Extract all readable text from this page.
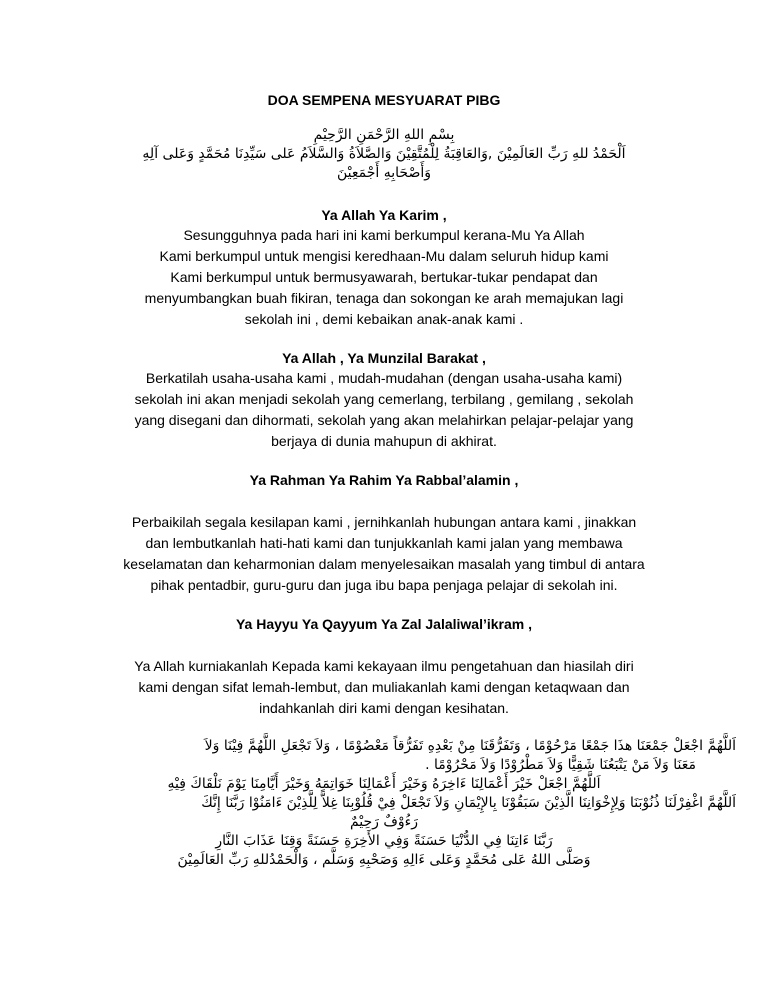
DOA SEMPENA MESYUARAT PIBG

بِسْمِ اللهِ الرَّحْمَنِ الرَّحِيْمِ

اَلْحَمْدُ للهِ رَبِّ العَالَمِيْنَ ,وَالعَاقِبَةُ لِلْمُتَّقِيْنَ وَالصَّلاَةُ وَالسَّلاَمُ عَلى سَيِّدِنَا مُحَمَّدٍ وَعَلى آلِهِ

وَأَصْحَابِهِ أَجْمَعِيْنَ

Ya Allah Ya Karim ,

Sesungguhnya pada hari ini kami berkumpul kerana-Mu Ya Allah

Kami berkumpul untuk mengisi keredhaan-Mu dalam seluruh hidup kami

Kami berkumpul untuk bermusyawarah, bertukar-tukar pendapat dan

menyumbangkan buah fikiran, tenaga dan sokongan ke arah memajukan lagi

sekolah ini , demi kebaikan anak-anak kami .

Ya Allah , Ya Munzilal Barakat ,

Berkatilah usaha-usaha kami , mudah-mudahan (dengan usaha-usaha kami)

sekolah ini akan menjadi sekolah yang cemerlang, terbilang , gemilang , sekolah

yang disegani dan dihormati, sekolah yang akan melahirkan pelajar-pelajar yang

berjaya di dunia mahupun di akhirat.

Ya Rahman Ya Rahim Ya Rabbal’alamin ,

Perbaikilah segala kesilapan kami , jernihkanlah hubungan antara kami , jinakkan

dan lembutkanlah hati-hati kami dan tunjukkanlah kami jalan yang membawa

keselamatan dan keharmonian dalam menyelesaikan masalah yang timbul di antara

pihak pentadbir, guru-guru dan juga ibu bapa penjaga pelajar di sekolah ini.

Ya Hayyu Ya Qayyum Ya Zal Jalaliwal’ikram ,

Ya Allah kurniakanlah Kepada kami kekayaan ilmu pengetahuan dan hiasilah diri

kami dengan sifat lemah-lembut, dan muliakanlah kami dengan ketaqwaan dan

indahkanlah diri kami dengan kesihatan.

اَللَّهُمَّ اجْعَلْ جَمْعَنَا هذَا جَمْعًا مَرْحُوْمًا ، وَتَفَرُّقَنَا مِنْ بَعْدِهِ تَفَرُّقاً مَعْصُوْمًا ، وَلاَ تَجْعَلِ اللَّهُمَّ فِيْنَا وَلاَ

مَعَنَا وَلاَ مَنْ يَتْبَعُنَا شَقِيًّا وَلاَ مَطْرُوْدًا وَلاَ مَحْرُوْمًا .

اَللَّهُمَّ اجْعَلْ خَيْرَ أَعْمَالِنَا ءَاخِرَهُ وَخَيْرَ أَعْمَالِنَا خَوَاتِمَهُ وَخَيْرَ أَيَّامِنَا يَوْمَ نَلْقَاكَ فِيْهِ

اَللَّهُمَّ اغْفِرْلَنَا ذُنُوْبَنَا وَلِإِخْوَانِنَا الَّذِيْنَ سَبَقُوْنَا بِالإِيْمَانِ وَلاَ تَجْعَلْ فِيْ قُلُوْبِنَا غِلاًّ لِلَّذِيْنَ ءَامَنُوْا رَبَّنَا إِنَّكَ

رَءُوْفٌ رَحِيْمٌ

رَبَّنَا ءَاتِنَا فِي الدُّنْيَا حَسَنَةً وَفِي الأَخِرَةِ حَسَنَةً وَقِنَا عَذَابَ النَّارِ

وَصَلَّى اللهُ عَلى مُحَمَّدٍ وَعَلى ءَالِهِ وَصَحْبِهِ وَسَلَّم ، وَالْحَمْدُللهِ رَبِّ العَالَمِيْنَ
